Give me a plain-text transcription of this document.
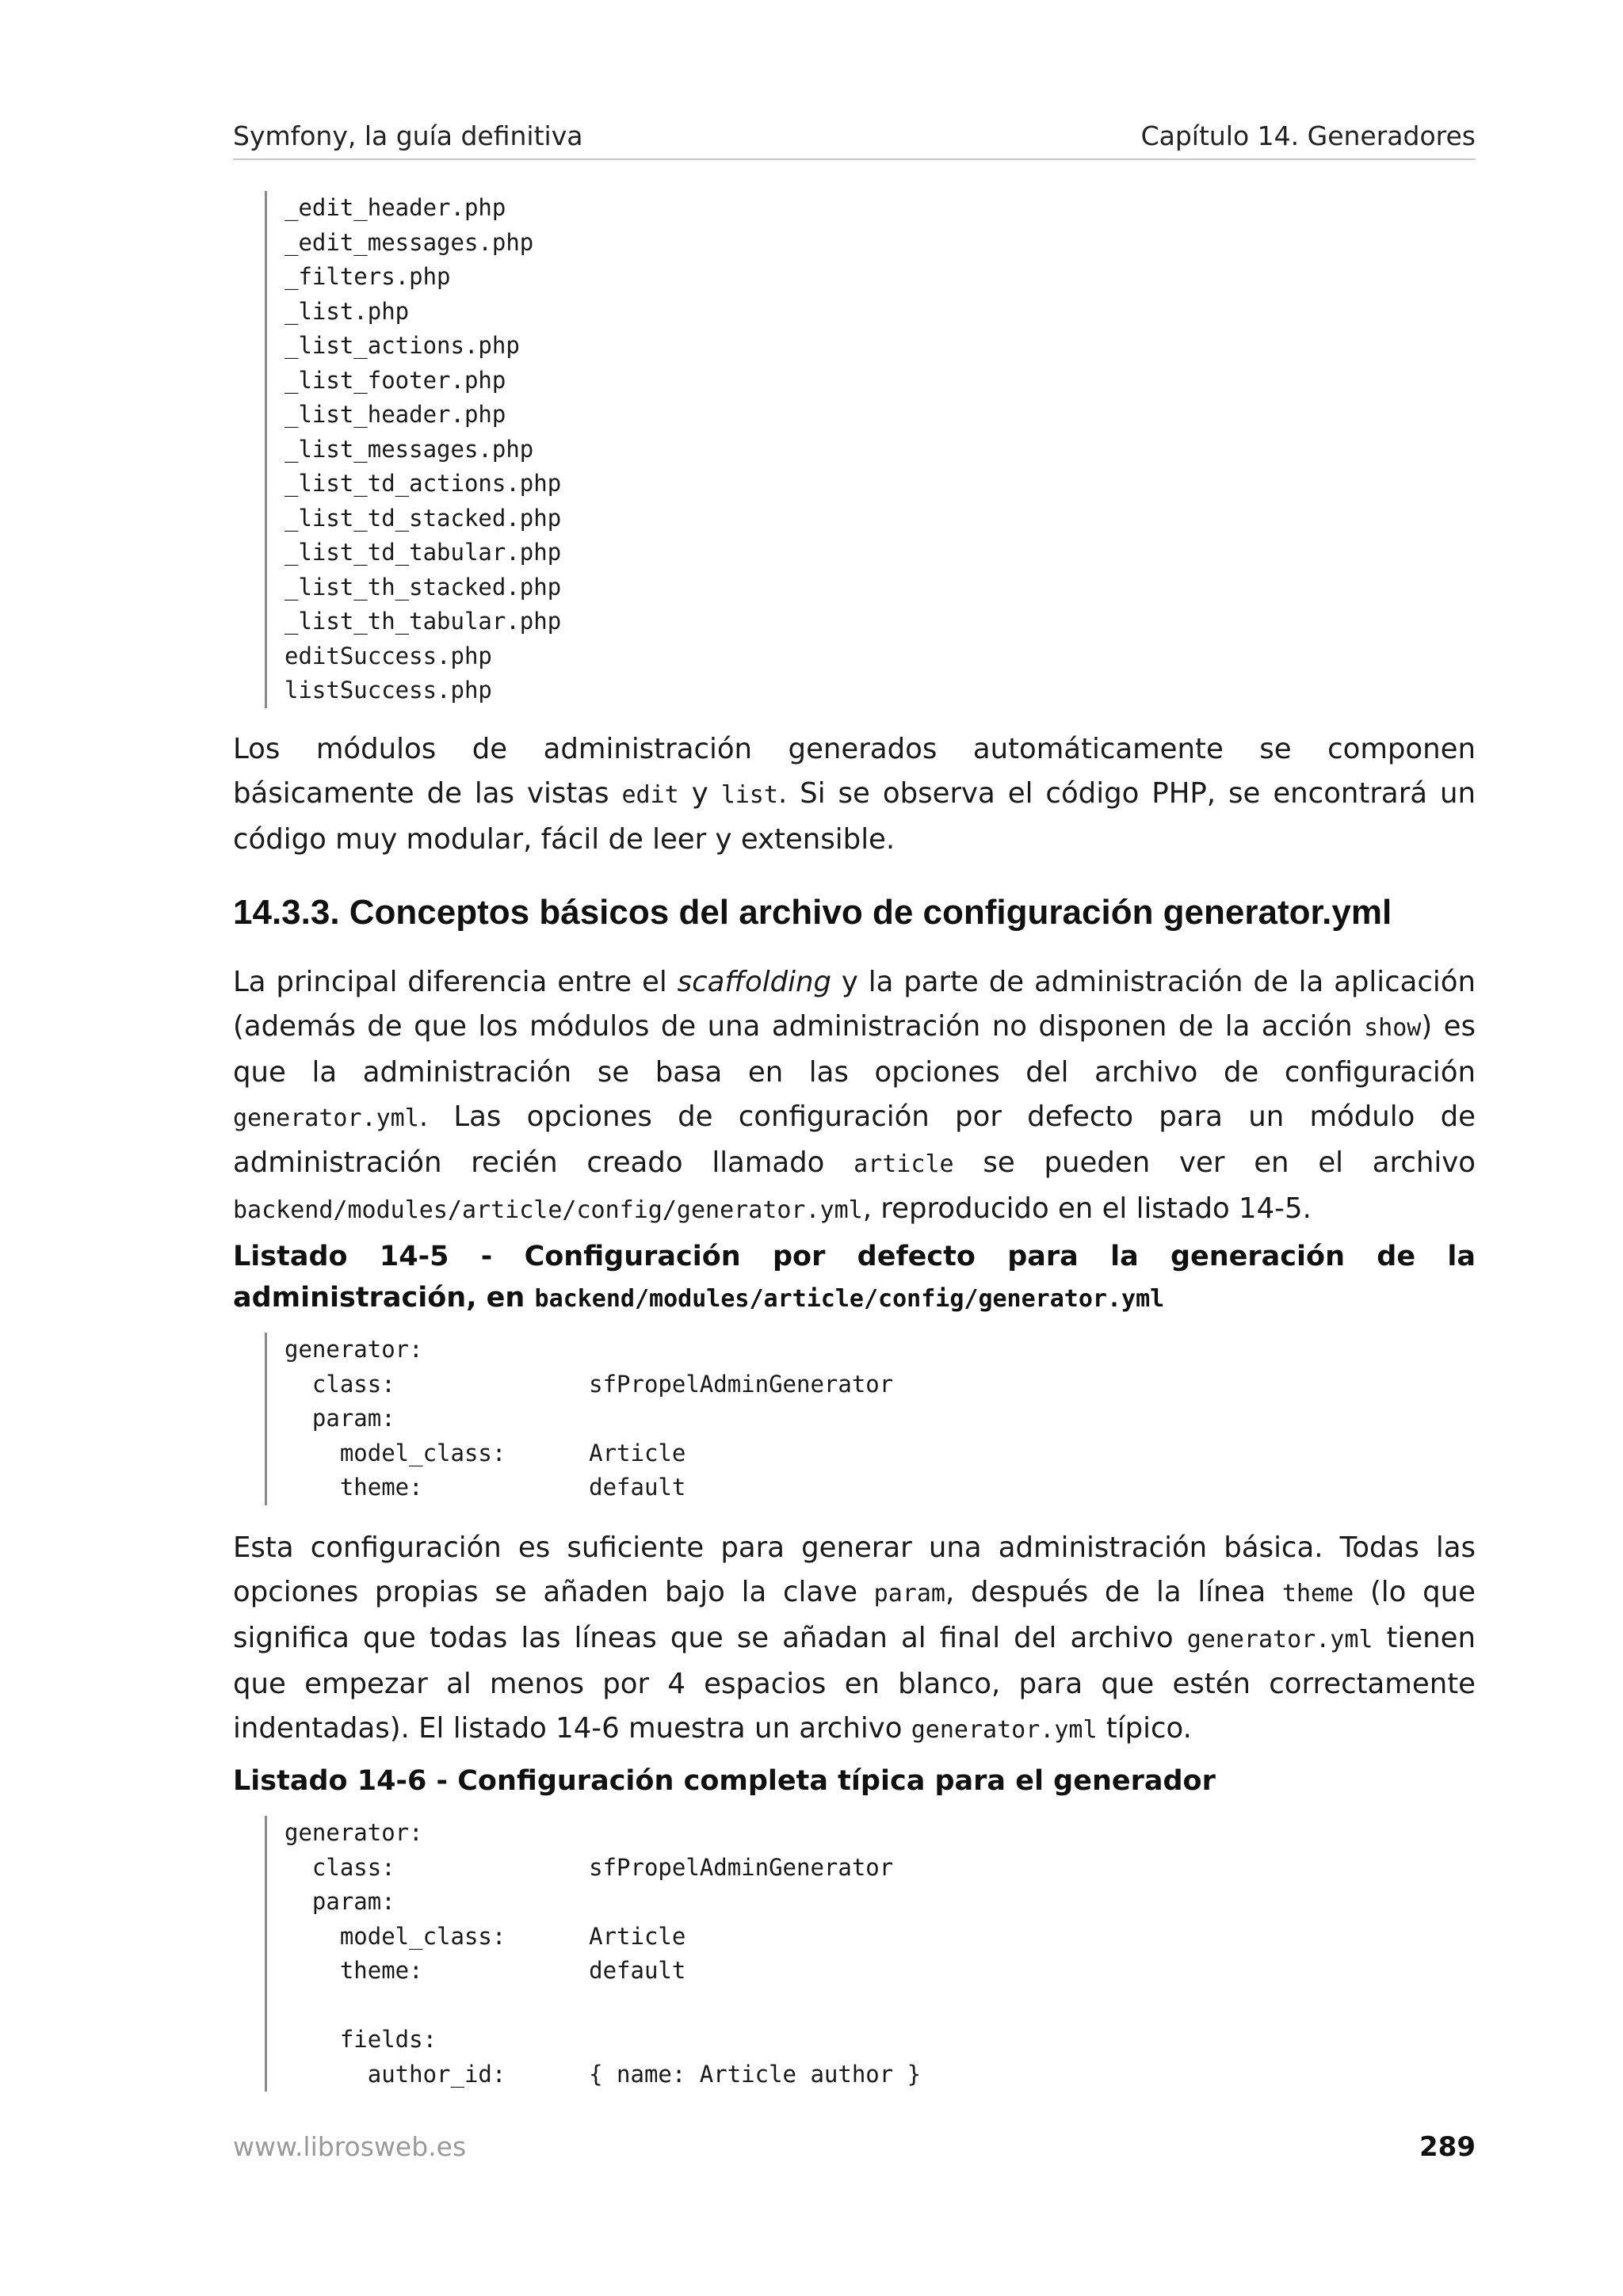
Symfony, la guía definitiva	Capítulo 14. Generadores
_edit_header.php
_edit_messages.php
_filters.php
_list.php
_list_actions.php
_list_footer.php
_list_header.php
_list_messages.php
_list_td_actions.php
_list_td_stacked.php
_list_td_tabular.php
_list_th_stacked.php
_list_th_tabular.php
editSuccess.php
listSuccess.php
Los módulos de administración generados automáticamente se componen básicamente de las vistas edit y list. Si se observa el código PHP, se encontrará un código muy modular, fácil de leer y extensible.
14.3.3. Conceptos básicos del archivo de configuración generator.yml
La principal diferencia entre el scaffolding y la parte de administración de la aplicación (además de que los módulos de una administración no disponen de la acción show) es que la administración se basa en las opciones del archivo de configuración generator.yml. Las opciones de configuración por defecto para un módulo de administración recién creado llamado article se pueden ver en el archivo backend/modules/article/config/generator.yml, reproducido en el listado 14-5.
Listado 14-5 - Configuración por defecto para la generación de la administración, en backend/modules/article/config/generator.yml
generator:
class:              sfPropelAdminGenerator
param:
model_class:      Article
theme:            default
Esta configuración es suficiente para generar una administración básica. Todas las opciones propias se añaden bajo la clave param, después de la línea theme (lo que significa que todas las líneas que se añadan al final del archivo generator.yml tienen que empezar al menos por 4 espacios en blanco, para que estén correctamente indentadas). El listado 14-6 muestra un archivo generator.yml típico.
Listado 14-6 - Configuración completa típica para el generador
generator:
class:              sfPropelAdminGenerator
param:
model_class:      Article
theme:            default

fields:
author_id:      { name: Article author }
www.librosweb.es	289
